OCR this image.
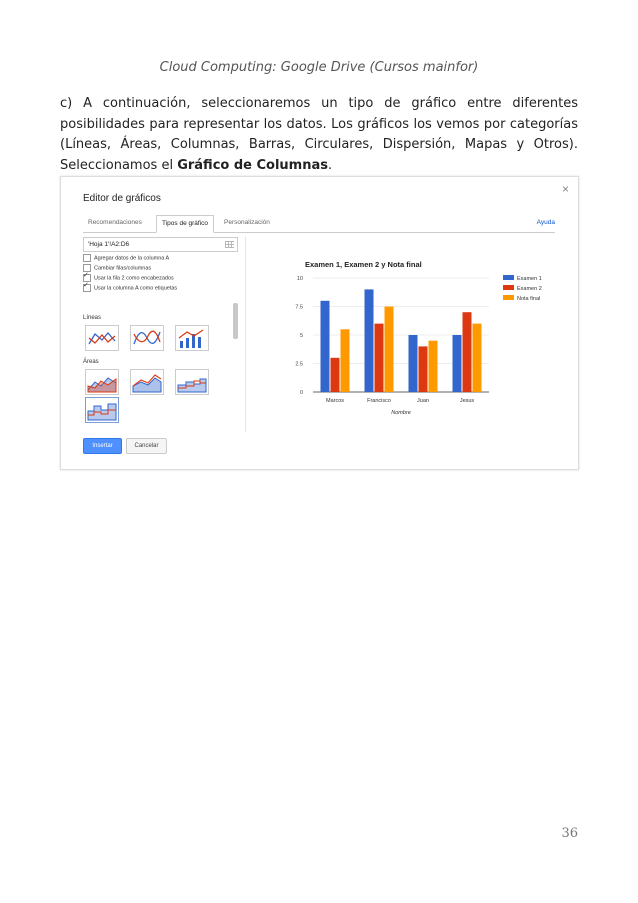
Cloud Computing: Google Drive (Cursos mainfor)
c) A continuación, seleccionaremos un tipo de gráfico entre diferentes posibilidades para representar los datos. Los gráficos los vemos por categorías (Líneas, Áreas, Columnas, Barras, Circulares, Dispersión, Mapas y Otros). Seleccionamos el Gráfico de Columnas.
Editor de gráficos
×
Recomendaciones	Tipos de gráfico	Personalización	Ayuda
'Hoja 1'!A2:D6
Agregar datos de la columna A
Cambiar filas/columnas
✓Usar la fila 2 como encabezados
✓Usar la columna A como etiquetas
Líneas
Áreas
Insertar	Cancelar
Examen 1, Examen 2 y Nota final
0
2.5
5
7.5
10
Marcos	Francisco	Juan	Jesus
Nombre
Examen 1
Examen 2
Nota final
36
